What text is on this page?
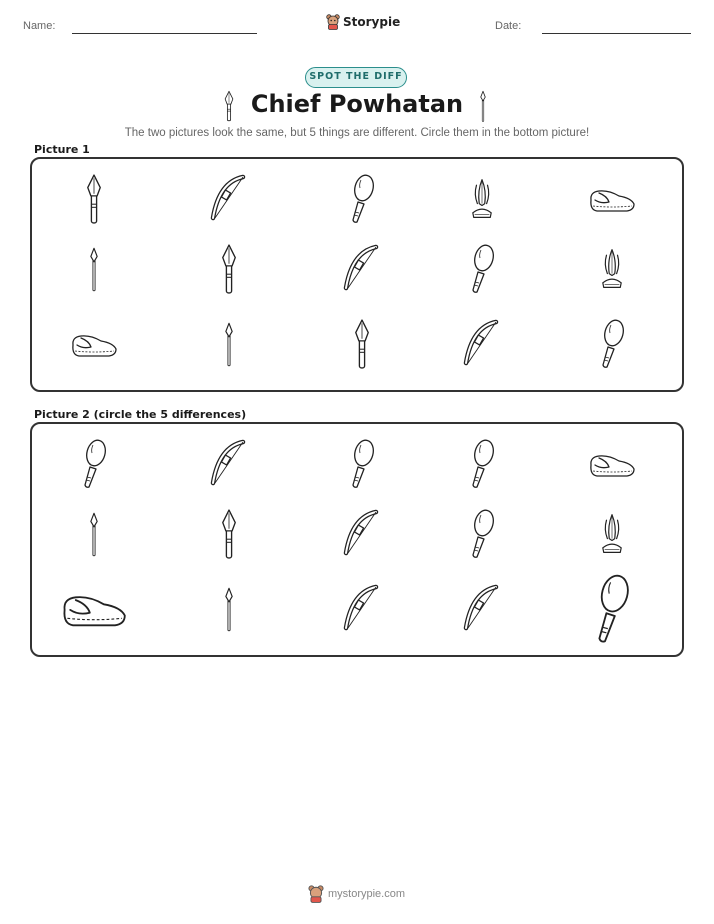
Name:	Storypie	Date:
SPOT THE DIFF
Chief Powhatan
The two pictures look the same, but 5 things are different. Circle them in the bottom picture!
Picture 1
Picture 2 (circle the 5 differences)
mystorypie.com
